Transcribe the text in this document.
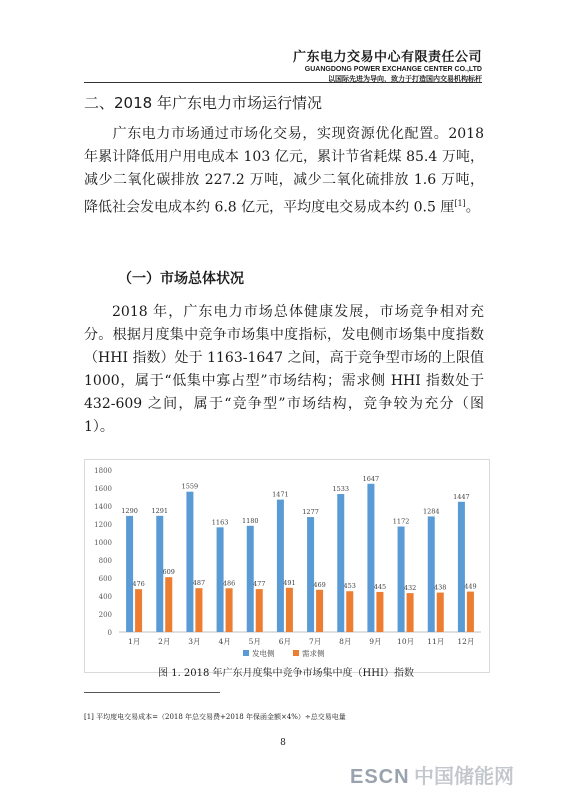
广东电力交易中心有限责任公司
GUANGDONG POWER EXCHANGE CENTER CO.,LTD
以国际先进为导向，致力于打造国内交易机构标杆
二、2018 年广东电力市场运行情况
广东电力市场通过市场化交易，实现资源优化配置。2018 年累计降低用户用电成本 103 亿元，累计节省耗煤 85.4 万吨，减少二氧化碳排放 227.2 万吨，减少二氧化硫排放 1.6 万吨，降低社会发电成本约 6.8 亿元，平均度电交易成本约 0.5 厘[1]。
（一）市场总体状况
2018 年，广东电力市场总体健康发展，市场竞争相对充分。根据月度集中竞争市场集中度指标，发电侧市场集中度指数（HHI 指数）处于 1163-1647 之间，高于竞争型市场的上限值 1000，属于“低集中寡占型”市场结构；需求侧 HHI 指数处于 432-609 之间，属于“竞争型”市场结构，竞争较为充分（图 1）。
0
200
400
600
800
1000
1200
1400
1600
1800
1290
476
1月
1291
609
2月
1559
487
3月
1163
486
4月
1180
477
5月
1471
491
6月
1277
469
7月
1533
453
8月
1647
445
9月
1172
432
10月
1284
438
11月
1447
449
12月
发电侧	需求侧
图 1. 2018 年广东月度集中竞争市场集中度（HHI）指数
[1] 平均度电交易成本=（2018 年总交易费+2018 年保函金额×4%）÷总交易电量
8
ESCN 中国储能网
